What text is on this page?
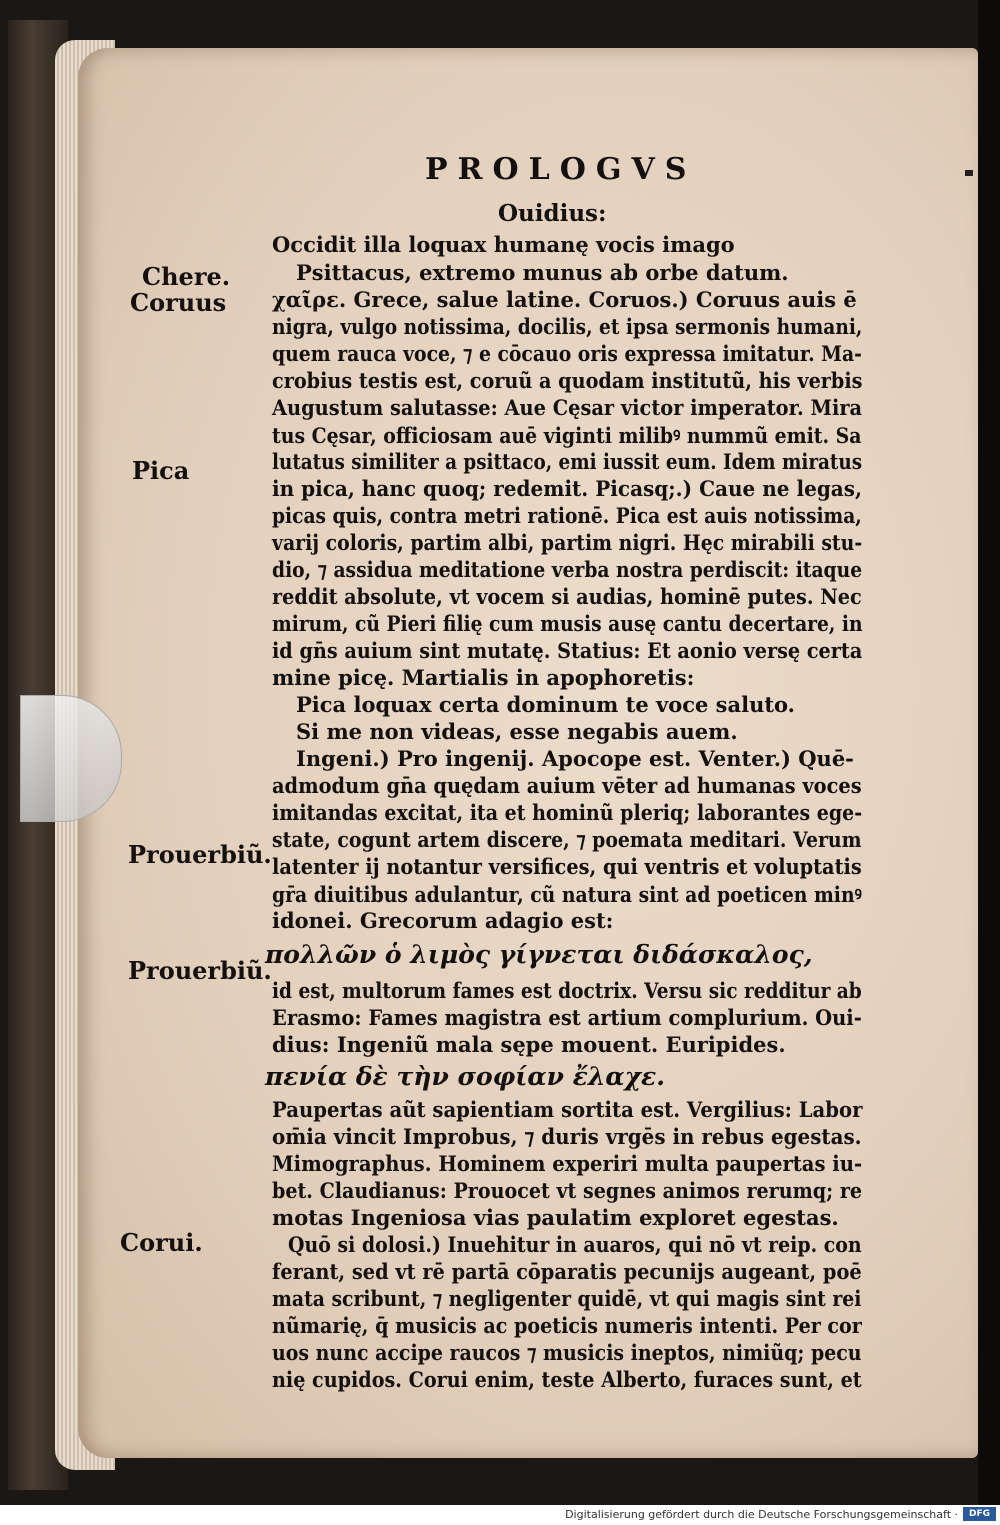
PROLOGVS
Ouidius:
Chere.
Coruus
Pica
Prouerbiũ.
Prouerbiũ.
Corui.
Occidit illa loquax humanę vocis imago
Psittacus, extremo munus ab orbe datum.
χαῖρε. Grece, salue latine. Coruos.) Coruus auis ē
nigra, vulgo notissima, docilis, et ipsa sermonis humani,
quem rauca voce, ⁊ e cōcauo oris expressa imitatur. Ma-
crobius testis est, coruũ a quodam institutũ, his verbis
Augustum salutasse: Aue Cęsar victor imperator. Mira
tus Cęsar, officiosam auē viginti milibꝰ nummũ emit. Sa
lutatus similiter a psittaco, emi iussit eum. Idem miratus
in pica, hanc quoq; redemit. Picasq;.) Caue ne legas,
picas quis, contra metri rationē. Pica est auis notissima,
varij coloris, partim albi, partim nigri. Hęc mirabili stu-
dio, ⁊ assidua meditatione verba nostra perdiscit: itaque
reddit absolute, vt vocem si audias, hominē putes. Nec
mirum, cũ Pieri filię cum musis ausę cantu decertare, in
id gn̄s auium sint mutatę. Statius: Et aonio versę certa
mine picę. Martialis in apophoretis:
Pica loquax certa dominum te voce saluto.
Si me non videas, esse negabis auem.
Ingeni.) Pro ingenij. Apocope est. Venter.) Quē-
admodum gn̄a quędam auium vēter ad humanas voces
imitandas excitat, ita et hominũ pleriq; laborantes ege-
state, cogunt artem discere, ⁊ poemata meditari. Verum
latenter ij notantur versifices, qui ventris et voluptatis
gr̄a diuitibus adulantur, cũ natura sint ad poeticen minꝰ
idonei. Grecorum adagio est:
πολλῶν ὁ λιμὸς γίγνεται διδάσκαλος,
id est, multorum fames est doctrix. Versu sic redditur ab
Erasmo: Fames magistra est artium complurium. Oui-
dius: Ingeniũ mala sępe mouent. Euripides.
πενία δὲ τὴν σοφίαν ἔλαχε.
Paupertas aũt sapientiam sortita est. Vergilius: Labor
om̄ia vincit Improbus, ⁊ duris vrgēs in rebus egestas.
Mimographus. Hominem experiri multa paupertas iu-
bet. Claudianus: Prouocet vt segnes animos rerumq; re
motas Ingeniosa vias paulatim exploret egestas.
Quō si dolosi.) Inuehitur in auaros, qui nō vt reip. con
ferant, sed vt rē partā cōparatis pecunijs augeant, poē
mata scribunt, ⁊ negligenter quidē, vt qui magis sint rei
nũmarię, q̄ musicis ac poeticis numeris intenti. Per cor
uos nunc accipe raucos ⁊ musicis ineptos, nimiũq; pecu
nię cupidos. Corui enim, teste Alberto, furaces sunt, et
Digitalisierung gefördert durch die Deutsche Forschungsgemeinschaft ·	DFG
